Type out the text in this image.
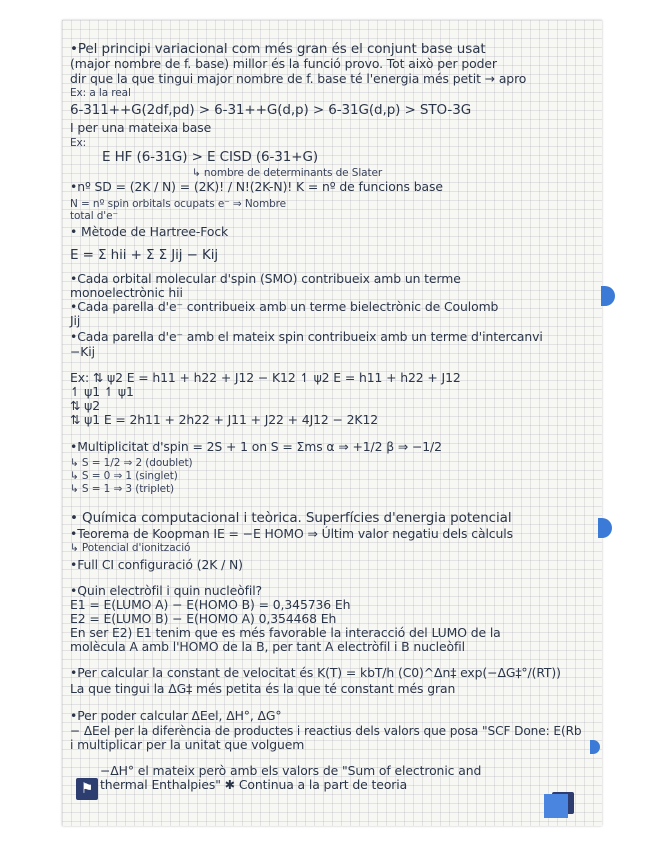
•Pel principi variacional com més gran és el conjunt base usat
(major nombre de f. base) millor és la funció provo. Tot això per poder
dir que la que tingui major nombre de f. base té l'energia més petit → apro
Ex: a la real
6-311++G(2df,pd) > 6-31++G(d,p) > 6-31G(d,p) > STO-3G
I per una mateixa base
Ex:
E HF (6-31G) > E CISD (6-31+G)
↳ nombre de determinants de Slater
•nº SD = (2K / N) = (2K)! / N!(2K-N)! K = nº de funcions base
N = nº spin orbitals ocupats e⁻ ⇒ Nombre
total d'e⁻
• Mètode de Hartree-Fock
E = Σ hii + Σ Σ Jij − Kij
•Cada orbital molecular d'spin (SMO) contribueix amb un terme
monoelectrònic hii
•Cada parella d'e⁻ contribueix amb un terme bielectrònic de Coulomb
Jij
•Cada parella d'e⁻ amb el mateix spin contribueix amb un terme d'intercanvi
−Kij
Ex: ⇅ ψ2 E = h11 + h22 + J12 − K12 ↿ ψ2 E = h11 + h22 + J12
↿ ψ1 ↿ ψ1
⇅ ψ2
⇅ ψ1 E = 2h11 + 2h22 + J11 + J22 + 4J12 − 2K12
•Multiplicitat d'spin = 2S + 1 on S = Σms α ⇒ +1/2 β ⇒ −1/2
↳ S = 1/2 ⇒ 2 (doublet)
↳ S = 0 ⇒ 1 (singlet)
↳ S = 1 ⇒ 3 (triplet)
• Química computacional i teòrica. Superfícies d'energia potencial
•Teorema de Koopman IE = −E HOMO ⇒ Últim valor negatiu dels càlculs
↳ Potencial d'ionització
•Full CI configuració (2K / N)
•Quin electròfil i quin nucleòfil?
E1 = E(LUMO A) − E(HOMO B) = 0,345736 Eh
E2 = E(LUMO B) − E(HOMO A) 0,354468 Eh
En ser E2) E1 tenim que es més favorable la interacció del LUMO de la
molècula A amb l'HOMO de la B, per tant A electròfil i B nucleòfil
•Per calcular la constant de velocitat és K(T) = kbT/h (C0)^Δn‡ exp(−ΔG‡°/(RT))
La que tingui la ΔG‡ més petita és la que té constant més gran
•Per poder calcular ΔEel, ΔH°, ΔG°
− ΔEel per la diferència de productes i reactius dels valors que posa "SCF Done: E(Rb
i multiplicar per la unitat que volguem
−ΔH° el mateix però amb els valors de "Sum of electronic and
thermal Enthalpies" ✱ Continua a la part de teoria
⚑
